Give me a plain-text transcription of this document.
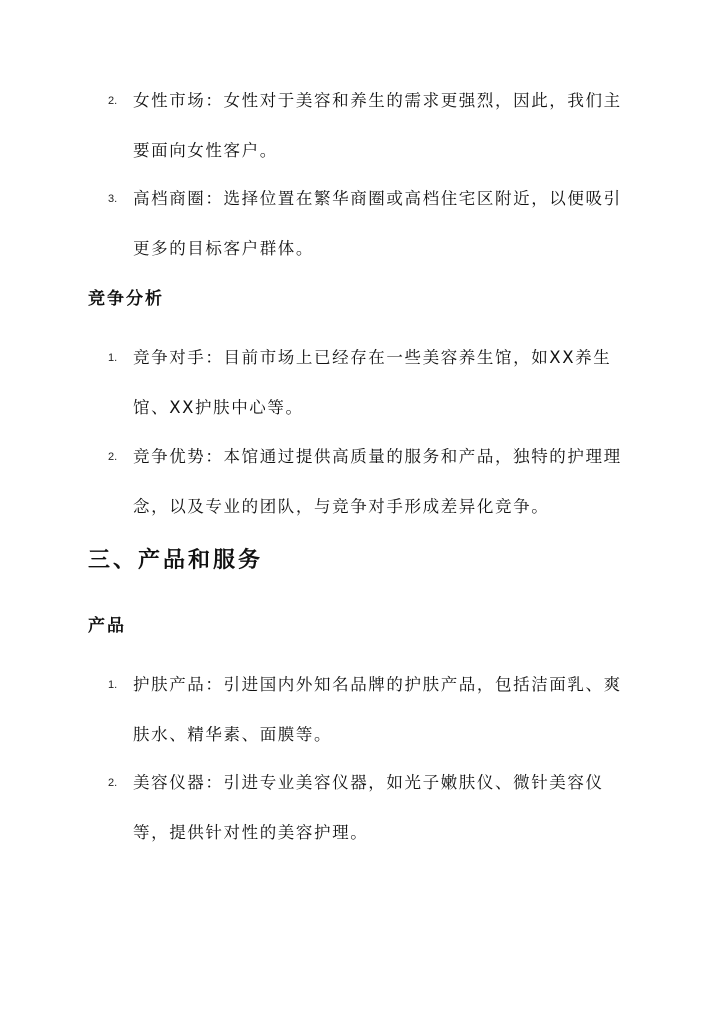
2. 女性市场：女性对于美容和养生的需求更强烈，因此，我们主要面向女性客户。
3. 高档商圈：选择位置在繁华商圈或高档住宅区附近，以便吸引更多的目标客户群体。
竞争分析
1. 竞争对手：目前市场上已经存在一些美容养生馆，如XX养生馆、XX护肤中心等。
2. 竞争优势：本馆通过提供高质量的服务和产品，独特的护理理念，以及专业的团队，与竞争对手形成差异化竞争。
三、产品和服务
产品
1. 护肤产品：引进国内外知名品牌的护肤产品，包括洁面乳、爽肤水、精华素、面膜等。
2. 美容仪器：引进专业美容仪器，如光子嫩肤仪、微针美容仪等，提供针对性的美容护理。
